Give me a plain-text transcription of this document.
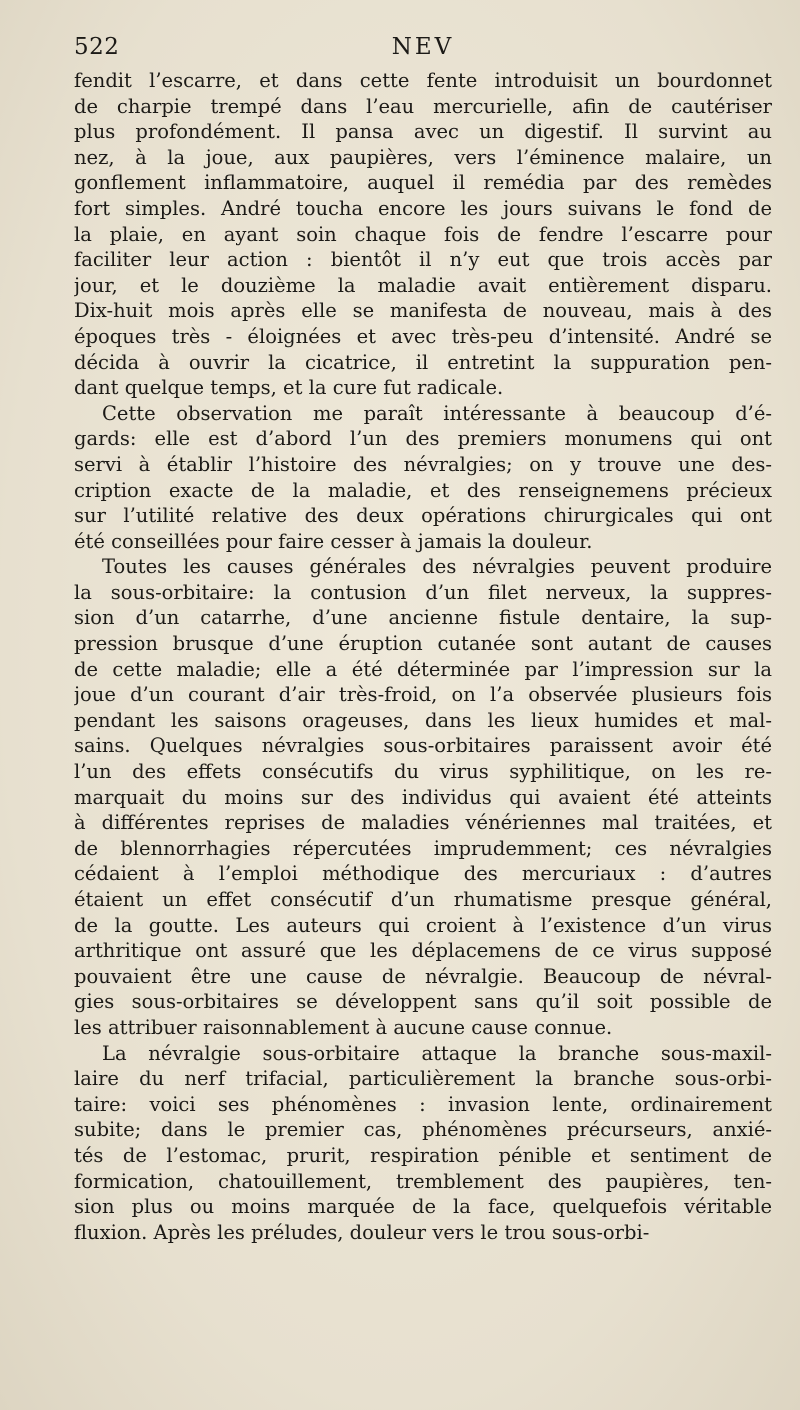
522	NEV
fendit l’escarre, et dans cette fente introduisit un bourdonnet
de charpie trempé dans l’eau mercurielle, afin de cautériser
plus profondément. Il pansa avec un digestif. Il survint au
nez, à la joue, aux paupières, vers l’éminence malaire, un
gonflement inflammatoire, auquel il remédia par des remèdes
fort simples. André toucha encore les jours suivans le fond de
la plaie, en ayant soin chaque fois de fendre l’escarre pour
faciliter leur action : bientôt il n’y eut que trois accès par
jour, et le douzième la maladie avait entièrement disparu.
Dix-huit mois après elle se manifesta de nouveau, mais à des
époques très - éloignées et avec très-peu d’intensité. André se
décida à ouvrir la cicatrice, il entretint la suppuration pen-
dant quelque temps, et la cure fut radicale.
Cette observation me paraît intéressante à beaucoup d’é-
gards: elle est d’abord l’un des premiers monumens qui ont
servi à établir l’histoire des névralgies; on y trouve une des-
cription exacte de la maladie, et des renseignemens précieux
sur l’utilité relative des deux opérations chirurgicales qui ont
été conseillées pour faire cesser à jamais la douleur.
Toutes les causes générales des névralgies peuvent produire
la sous-orbitaire: la contusion d’un filet nerveux, la suppres-
sion d’un catarrhe, d’une ancienne fistule dentaire, la sup-
pression brusque d’une éruption cutanée sont autant de causes
de cette maladie; elle a été déterminée par l’impression sur la
joue d’un courant d’air très-froid, on l’a observée plusieurs fois
pendant les saisons orageuses, dans les lieux humides et mal-
sains. Quelques névralgies sous-orbitaires paraissent avoir été
l’un des effets consécutifs du virus syphilitique, on les re-
marquait du moins sur des individus qui avaient été atteints
à différentes reprises de maladies vénériennes mal traitées, et
de blennorrhagies répercutées imprudemment; ces névralgies
cédaient à l’emploi méthodique des mercuriaux : d’autres
étaient un effet consécutif d’un rhumatisme presque général,
de la goutte. Les auteurs qui croient à l’existence d’un virus
arthritique ont assuré que les déplacemens de ce virus supposé
pouvaient être une cause de névralgie. Beaucoup de névral-
gies sous-orbitaires se développent sans qu’il soit possible de
les attribuer raisonnablement à aucune cause connue.
La névralgie sous-orbitaire attaque la branche sous-maxil-
laire du nerf trifacial, particulièrement la branche sous-orbi-
taire: voici ses phénomènes : invasion lente, ordinairement
subite; dans le premier cas, phénomènes précurseurs, anxié-
tés de l’estomac, prurit, respiration pénible et sentiment de
formication, chatouillement, tremblement des paupières, ten-
sion plus ou moins marquée de la face, quelquefois véritable
fluxion. Après les préludes, douleur vers le trou sous-orbi-
